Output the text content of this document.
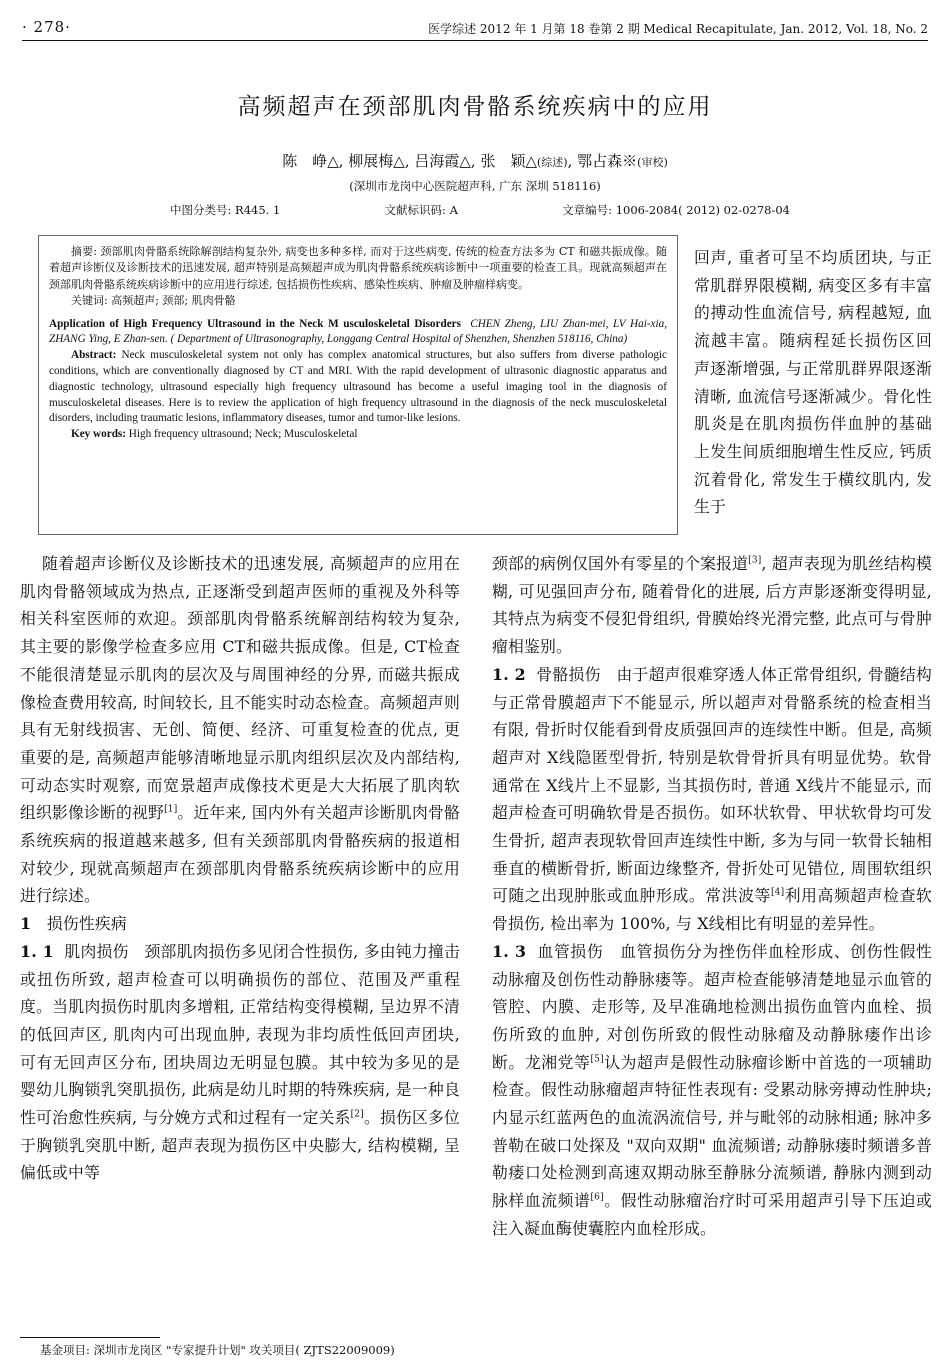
· 278·	医学综述 2012 年 1 月第 18 卷第 2 期 Medical Recapitulate, Jan. 2012, Vol. 18, No. 2
高频超声在颈部肌肉骨骼系统疾病中的应用
陈　峥△, 柳展梅△, 吕海霞△, 张　颖△(综述), 鄂占森※(审校)
(深圳市龙岗中心医院超声科, 广东 深圳 518116)
中图分类号: R445. 1	文献标识码: A	文章编号: 1006-2084( 2012) 02-0278-04

摘要: 颈部肌肉骨骼系统除解剖结构复杂外, 病变也多种多样, 而对于这些病变, 传统的检查方法多为 CT 和磁共振成像。随着超声诊断仪及诊断技术的迅速发展, 超声特别是高频超声成为肌肉骨骼系统疾病诊断中一项重要的检查工具。现就高频超声在颈部肌肉骨骼系统疾病诊断中的应用进行综述, 包括损伤性疾病、感染性疾病、肿瘤及肿瘤样病变。

关键词: 高频超声; 颈部; 肌肉骨骼

Application of High Frequency Ultrasound in the Neck M usculoskeletal Disorders CHEN Zheng, LIU Zhan-mei, LV Hai-xia, ZHANG Ying, E Zhan-sen. ( Department of Ultrasonography, Longgang Central Hospital of Shenzhen, Shenzhen 518116, China)

Abstract: Neck musculoskeletal system not only has complex anatomical structures, but also suffers from diverse pathologic conditions, which are conventionally diagnosed by CT and MRI. With the rapid development of ultrasonic diagnostic apparatus and diagnostic technology, ultrasound especially high frequency ultrasound has become a useful imaging tool in the diagnosis of musculoskeletal diseases. Here is to review the application of high frequency ultrasound in the diagnosis of the neck musculoskeletal disorders, including traumatic lesions, inflammatory diseases, tumor and tumor-like lesions.

Key words: High frequency ultrasound; Neck; Musculoskeletal

回声, 重者可呈不均质团块, 与正常肌群界限模糊, 病变区多有丰富的搏动性血流信号, 病程越短, 血流越丰富。随病程延长损伤区回声逐渐增强, 与正常肌群界限逐渐清晰, 血流信号逐渐减少。骨化性肌炎是在肌肉损伤伴血肿的基础上发生间质细胞增生性反应, 钙质沉着骨化, 常发生于横纹肌内, 发生于

随着超声诊断仪及诊断技术的迅速发展, 高频超声的应用在肌肉骨骼领域成为热点, 正逐渐受到超声医师的重视及外科等相关科室医师的欢迎。颈部肌肉骨骼系统解剖结构较为复杂, 其主要的影像学检查多应用 CT和磁共振成像。但是, CT检查不能很清楚显示肌肉的层次及与周围神经的分界, 而磁共振成像检查费用较高, 时间较长, 且不能实时动态检查。高频超声则具有无射线损害、无创、简便、经济、可重复检查的优点, 更重要的是, 高频超声能够清晰地显示肌肉组织层次及内部结构, 可动态实时观察, 而宽景超声成像技术更是大大拓展了肌肉软组织影像诊断的视野[1]。近年来, 国内外有关超声诊断肌肉骨骼系统疾病的报道越来越多, 但有关颈部肌肉骨骼疾病的报道相对较少, 现就高频超声在颈部肌肉骨骼系统疾病诊断中的应用进行综述。

1 损伤性疾病

1. 1 肌肉损伤 颈部肌肉损伤多见闭合性损伤, 多由钝力撞击或扭伤所致, 超声检查可以明确损伤的部位、范围及严重程度。当肌肉损伤时肌肉多增粗, 正常结构变得模糊, 呈边界不清的低回声区, 肌肉内可出现血肿, 表现为非均质性低回声团块, 可有无回声区分布, 团块周边无明显包膜。其中较为多见的是婴幼儿胸锁乳突肌损伤, 此病是幼儿时期的特殊疾病, 是一种良性可治愈性疾病, 与分娩方式和过程有一定关系[2]。损伤区多位于胸锁乳突肌中断, 超声表现为损伤区中央膨大, 结构模糊, 呈偏低或中等

颈部的病例仅国外有零星的个案报道[3], 超声表现为肌丝结构模糊, 可见强回声分布, 随着骨化的进展, 后方声影逐渐变得明显, 其特点为病变不侵犯骨组织, 骨膜始终光滑完整, 此点可与骨肿瘤相鉴别。

1. 2 骨骼损伤 由于超声很难穿透人体正常骨组织, 骨髓结构与正常骨膜超声下不能显示, 所以超声对骨骼系统的检查相当有限, 骨折时仅能看到骨皮质强回声的连续性中断。但是, 高频超声对 X线隐匿型骨折, 特别是软骨骨折具有明显优势。软骨通常在 X线片上不显影, 当其损伤时, 普通 X线片不能显示, 而超声检查可明确软骨是否损伤。如环状软骨、甲状软骨均可发生骨折, 超声表现软骨回声连续性中断, 多为与同一软骨长轴相垂直的横断骨折, 断面边缘整齐, 骨折处可见错位, 周围软组织可随之出现肿胀或血肿形成。常洪波等[4]利用高频超声检查软骨损伤, 检出率为 100%, 与 X线相比有明显的差异性。

1. 3 血管损伤 血管损伤分为挫伤伴血栓形成、创伤性假性动脉瘤及创伤性动静脉瘘等。超声检查能够清楚地显示血管的管腔、内膜、走形等, 及早准确地检测出损伤血管内血栓、损伤所致的血肿, 对创伤所致的假性动脉瘤及动静脉瘘作出诊断。龙湘党等[5]认为超声是假性动脉瘤诊断中首选的一项辅助检查。假性动脉瘤超声特征性表现有: 受累动脉旁搏动性肿块; 内显示红蓝两色的血流涡流信号, 并与毗邻的动脉相通; 脉冲多普勒在破口处探及 "双向双期" 血流频谱; 动静脉瘘时频谱多普勒瘘口处检测到高速双期动脉至静脉分流频谱, 静脉内测到动脉样血流频谱[6]。假性动脉瘤治疗时可采用超声引导下压迫或注入凝血酶使囊腔内血栓形成。

基金项目: 深圳市龙岗区 "专家提升计划" 攻关项目( ZJTS22009009)
